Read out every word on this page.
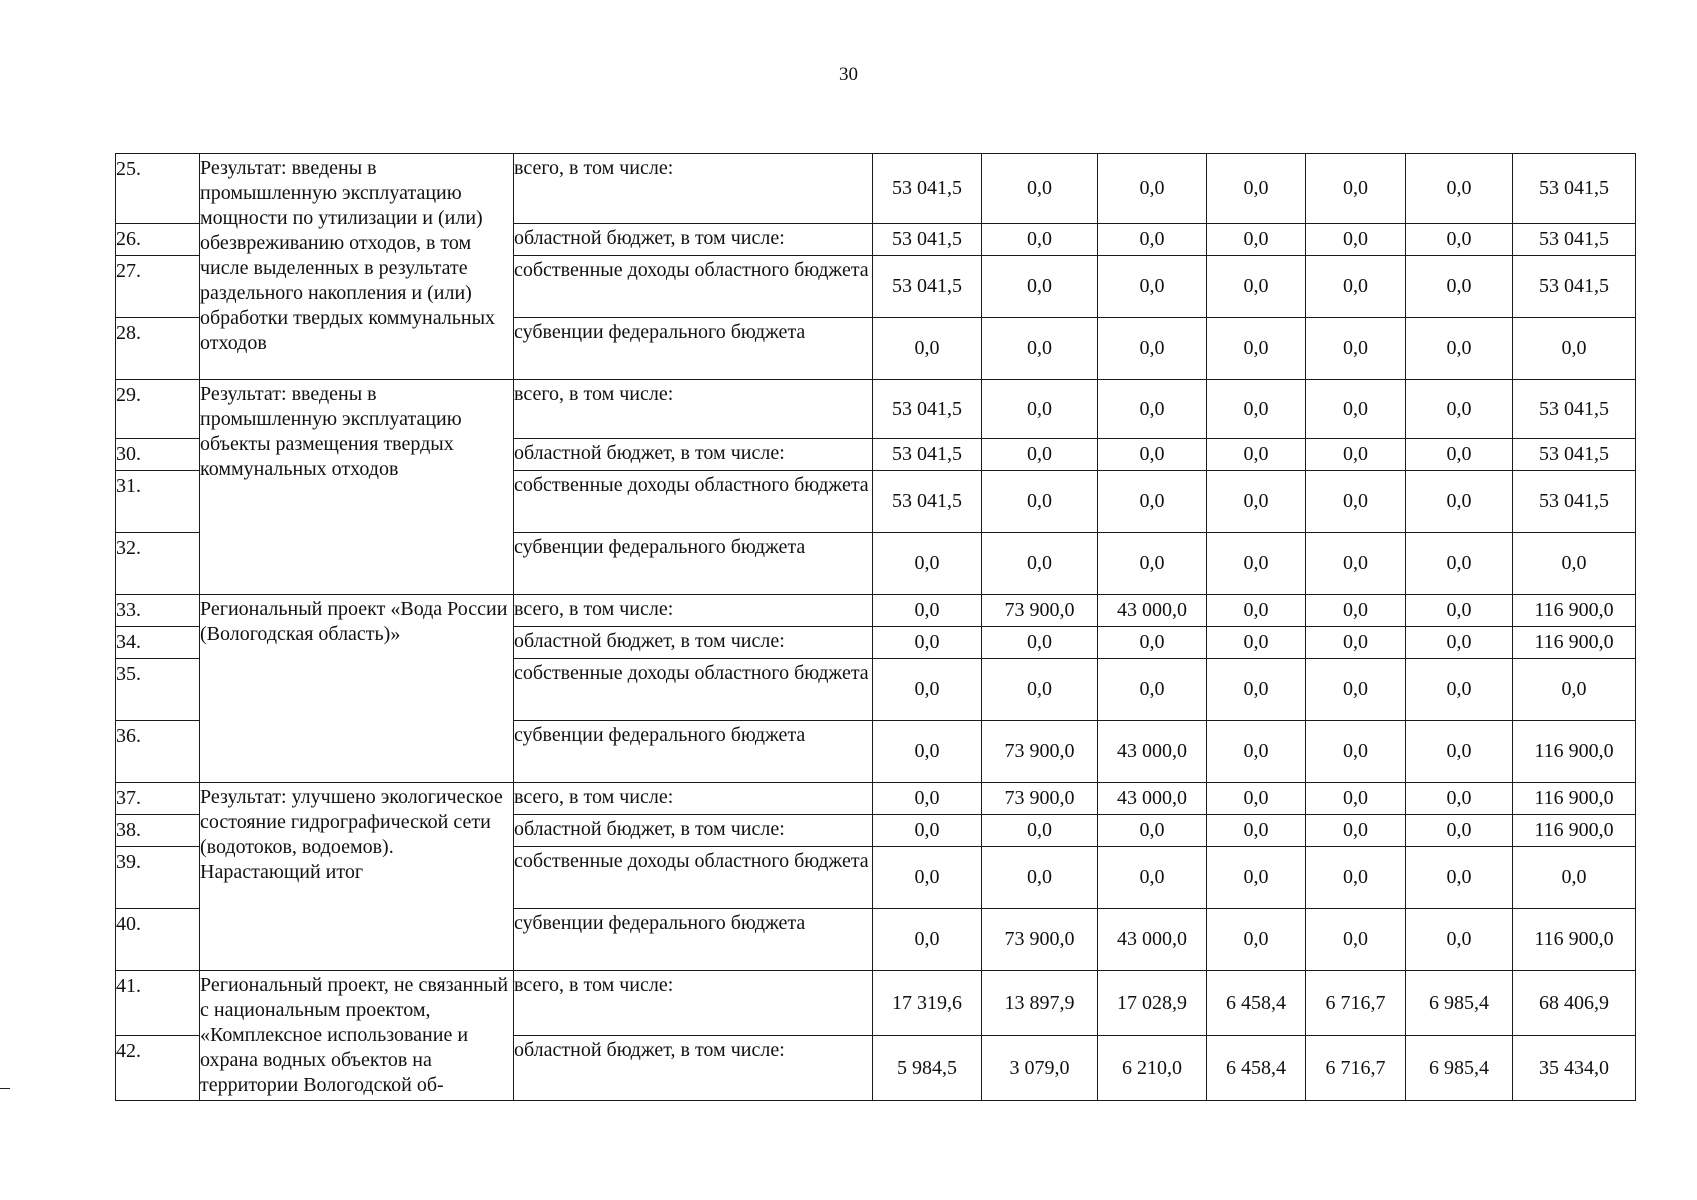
30
25.	Результат: введены в промышленную эксплуатацию мощности по утилизации и (или) обезвреживанию отходов, в том числе выделенных в результате раздельного накопления и (или) обработки твердых коммунальных отходов	всего, в том числе:	53 041,5	0,0	0,0	0,0	0,0	0,0	53 041,5
26.		областной бюджет, в том числе:	53 041,5	0,0	0,0	0,0	0,0	0,0	53 041,5
27.		собственные доходы областного бюджета	53 041,5	0,0	0,0	0,0	0,0	0,0	53 041,5
28.		субвенции федерального бюджета	0,0	0,0	0,0	0,0	0,0	0,0	0,0
29.	Результат: введены в промышленную эксплуатацию объекты размещения твердых коммунальных отходов	всего, в том числе:	53 041,5	0,0	0,0	0,0	0,0	0,0	53 041,5
30.		областной бюджет, в том числе:	53 041,5	0,0	0,0	0,0	0,0	0,0	53 041,5
31.		собственные доходы областного бюджета	53 041,5	0,0	0,0	0,0	0,0	0,0	53 041,5
32.		субвенции федерального бюджета	0,0	0,0	0,0	0,0	0,0	0,0	0,0
33.	Региональный проект «Вода России (Вологодская область)»	всего, в том числе:	0,0	73 900,0	43 000,0	0,0	0,0	0,0	116 900,0
34.		областной бюджет, в том числе:	0,0	0,0	0,0	0,0	0,0	0,0	116 900,0
35.		собственные доходы областного бюджета	0,0	0,0	0,0	0,0	0,0	0,0	0,0
36.		субвенции федерального бюджета	0,0	73 900,0	43 000,0	0,0	0,0	0,0	116 900,0
37.	Результат: улучшено экологическое состояние гидрографической сети (водотоков, водоемов). Нарастающий итог	всего, в том числе:	0,0	73 900,0	43 000,0	0,0	0,0	0,0	116 900,0
38.		областной бюджет, в том числе:	0,0	0,0	0,0	0,0	0,0	0,0	116 900,0
39.		собственные доходы областного бюджета	0,0	0,0	0,0	0,0	0,0	0,0	0,0
40.		субвенции федерального бюджета	0,0	73 900,0	43 000,0	0,0	0,0	0,0	116 900,0
41.	Региональный проект, не связанный с национальным проектом, «Комплексное использование и охрана водных объектов на территории Вологодской об-	всего, в том числе:	17 319,6	13 897,9	17 028,9	6 458,4	6 716,7	6 985,4	68 406,9
42.		областной бюджет, в том числе:	5 984,5	3 079,0	6 210,0	6 458,4	6 716,7	6 985,4	35 434,0
